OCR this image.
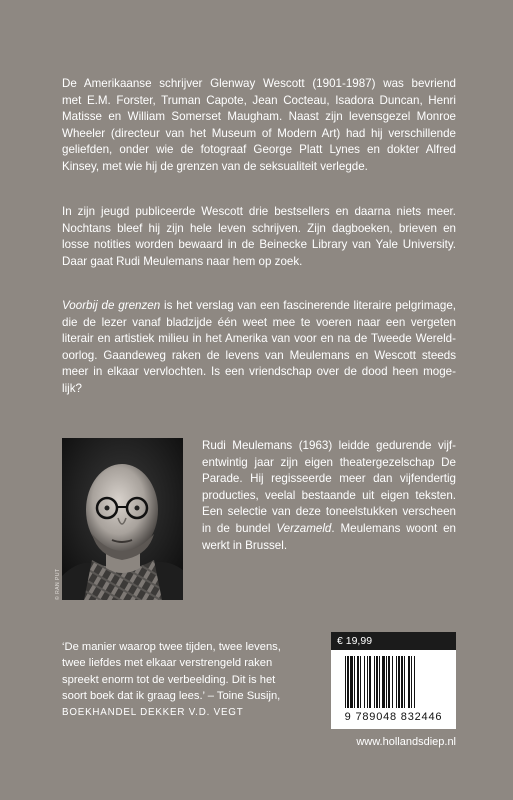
De Amerikaanse schrijver Glenway Wescott (1901-1987) was bevriend
met E.M. Forster, Truman Capote, Jean Cocteau, Isadora Duncan, Henri
Matisse en William Somerset Maugham. Naast zijn levensgezel Monroe
Wheeler (directeur van het Museum of Modern Art) had hij verschillende
geliefden, onder wie de fotograaf George Platt Lynes en dokter Alfred
Kinsey, met wie hij de grenzen van de seksualiteit verlegde.
In zijn jeugd publiceerde Wescott drie bestsellers en daarna niets meer.
Nochtans bleef hij zijn hele leven schrijven. Zijn dagboeken, brieven en
losse notities worden bewaard in de Beinecke Library van Yale University.
Daar gaat Rudi Meulemans naar hem op zoek.
Voorbij de grenzen is het verslag van een fascinerende literaire pelgrimage,
die de lezer vanaf bladzijde één weet mee te voeren naar een vergeten
literair en artistiek milieu in het Amerika van voor en na de Tweede Wereld-
oorlog. Gaandeweg raken de levens van Meulemans en Wescott steeds
meer in elkaar vervlochten. Is een vriendschap over de dood heen moge-
lijk?
© RAN PUT
Rudi Meulemans (1963) leidde gedurende vijf-
entwintig jaar zijn eigen theatergezelschap De
Parade. Hij regisseerde meer dan vijfendertig
producties, veelal bestaande uit eigen teksten.
Een selectie van deze toneelstukken verscheen
in de bundel Verzameld. Meulemans woont en
werkt in Brussel.
‘De manier waarop twee tijden, twee levens,
twee liefdes met elkaar verstrengeld raken
spreekt enorm tot de verbeelding. Dit is het
soort boek dat ik graag lees.’ – Toine Susijn,
BOEKHANDEL DEKKER V.D. VEGT
€ 19,99
9 789048 832446
www.hollandsdiep.nl
